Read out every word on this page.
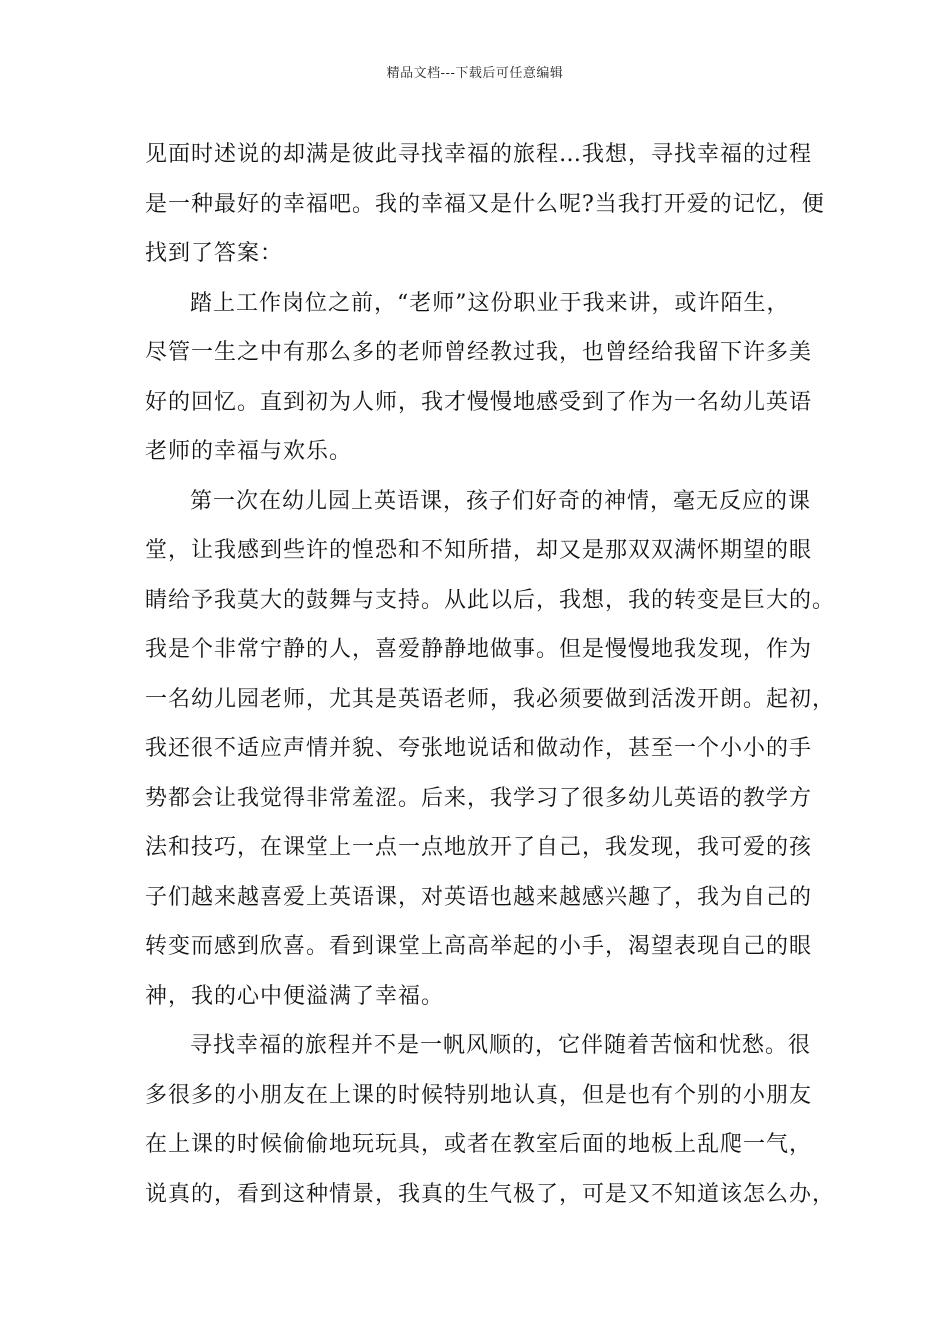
精品文档---下载后可任意编辑
见面时述说的却满是彼此寻找幸福的旅程…我想，寻找幸福的过程
是一种最好的幸福吧。我的幸福又是什么呢?当我打开爱的记忆，便
找到了答案：
踏上工作岗位之前，“老师”这份职业于我来讲，或许陌生，
尽管一生之中有那么多的老师曾经教过我，也曾经给我留下许多美
好的回忆。直到初为人师，我才慢慢地感受到了作为一名幼儿英语
老师的幸福与欢乐。
第一次在幼儿园上英语课，孩子们好奇的神情，毫无反应的课
堂，让我感到些许的惶恐和不知所措，却又是那双双满怀期望的眼
睛给予我莫大的鼓舞与支持。从此以后，我想，我的转变是巨大的。
我是个非常宁静的人，喜爱静静地做事。但是慢慢地我发现，作为
一名幼儿园老师，尤其是英语老师，我必须要做到活泼开朗。起初，
我还很不适应声情并貌、夸张地说话和做动作，甚至一个小小的手
势都会让我觉得非常羞涩。后来，我学习了很多幼儿英语的教学方
法和技巧，在课堂上一点一点地放开了自己，我发现，我可爱的孩
子们越来越喜爱上英语课，对英语也越来越感兴趣了，我为自己的
转变而感到欣喜。看到课堂上高高举起的小手，渴望表现自己的眼
神，我的心中便溢满了幸福。
寻找幸福的旅程并不是一帆风顺的，它伴随着苦恼和忧愁。很
多很多的小朋友在上课的时候特别地认真，但是也有个别的小朋友
在上课的时候偷偷地玩玩具，或者在教室后面的地板上乱爬一气，
说真的，看到这种情景，我真的生气极了，可是又不知道该怎么办，
